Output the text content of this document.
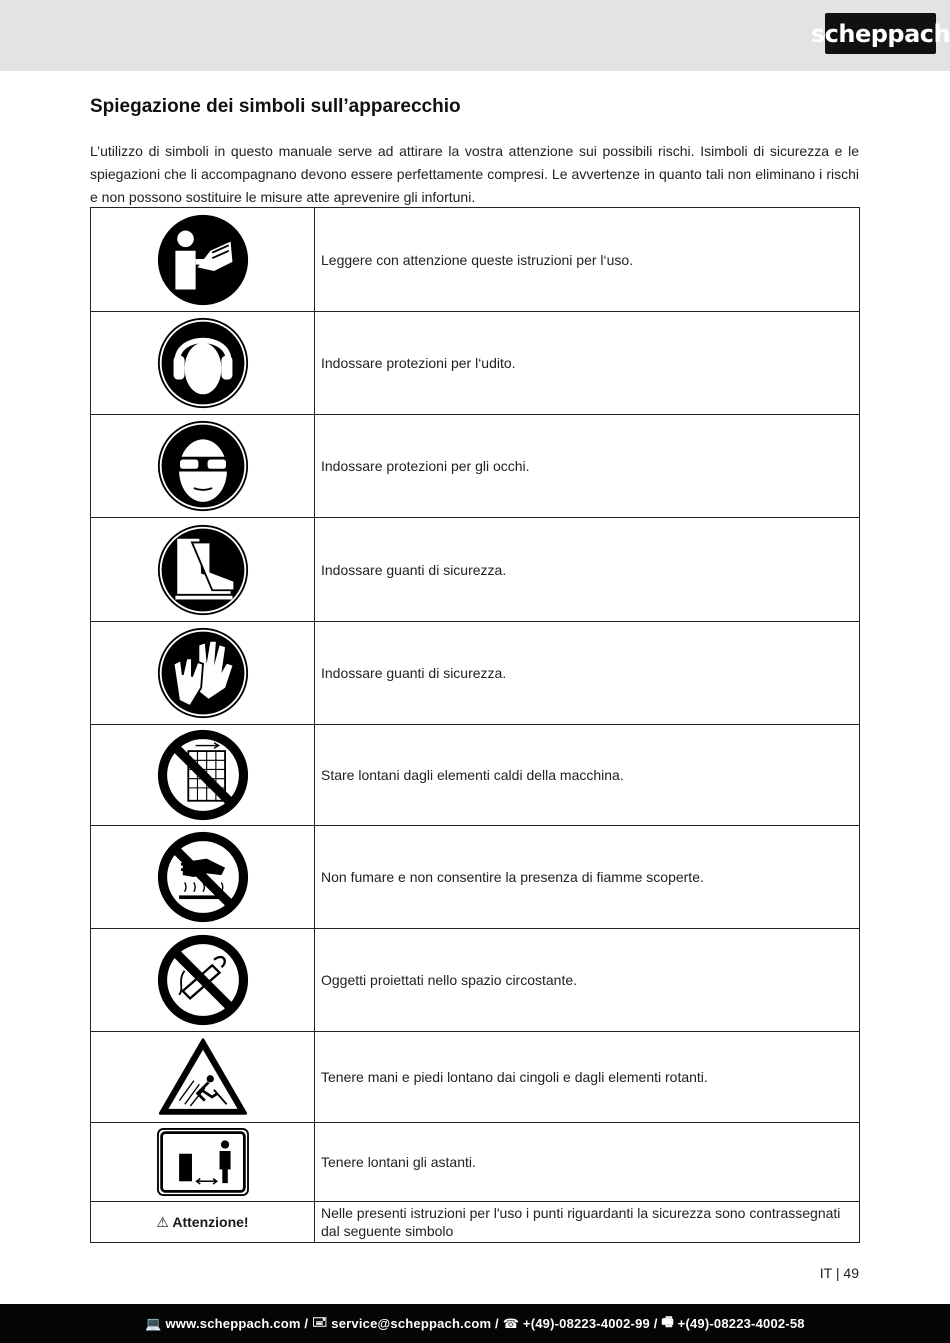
scheppach
Spiegazione dei simboli sull’apparecchio

L’utilizzo di simboli in questo manuale serve ad attirare la vostra attenzione sui possibili rischi. Isimboli di sicurezza e le spiegazioni che li accompagnano devono essere perfettamente compresi. Le avvertenze in quanto tali non eliminano i rischi e non possono sostituire le misure atte aprevenire gli infortuni.

	Leggere con attenzione queste istruzioni per l‘uso.

	Indossare protezioni per l‘udito.

	Indossare protezioni per gli occhi.

	Indossare guanti di sicurezza.

	Indossare guanti di sicurezza.

	Stare lontani dagli elementi caldi della macchina.

	Non fumare e non consentire la presenza di fiamme scoperte.

	Oggetti proiettati nello spazio circostante.

	Tenere mani e piedi lontano dai cingoli e dagli elementi rotanti.

	Tenere lontani gli astanti.
⚠ Attenzione!	Nelle presenti istruzioni per l'uso i punti riguardanti la sicurezza sono contrassegnati dal seguente simbolo
IT | 49
💻
www.scheppach.com / 🖃
service@scheppach.com / ☎
+(49)-08223-4002-99 / 🖷
+(49)-08223-4002-58
